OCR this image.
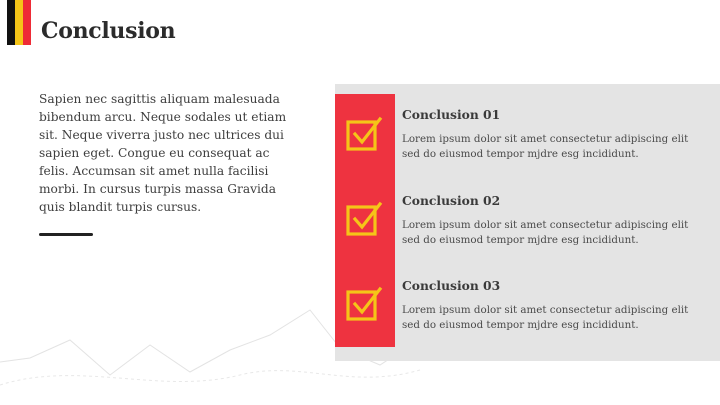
Conclusion

Sapien nec sagittis aliquam malesuada bibendum arcu. Neque sodales ut etiam sit. Neque viverra justo nec ultrices dui sapien eget. Congue eu consequat ac felis. Accumsan sit amet nulla facilisi morbi. In cursus turpis massa Gravida quis blandit turpis cursus.

Conclusion 01

Lorem ipsum dolor sit amet consectetur adipiscing elit sed do eiusmod tempor mjdre esg incididunt.

Conclusion 02

Lorem ipsum dolor sit amet consectetur adipiscing elit sed do eiusmod tempor mjdre esg incididunt.

Conclusion 03

Lorem ipsum dolor sit amet consectetur adipiscing elit sed do eiusmod tempor mjdre esg incididunt.
